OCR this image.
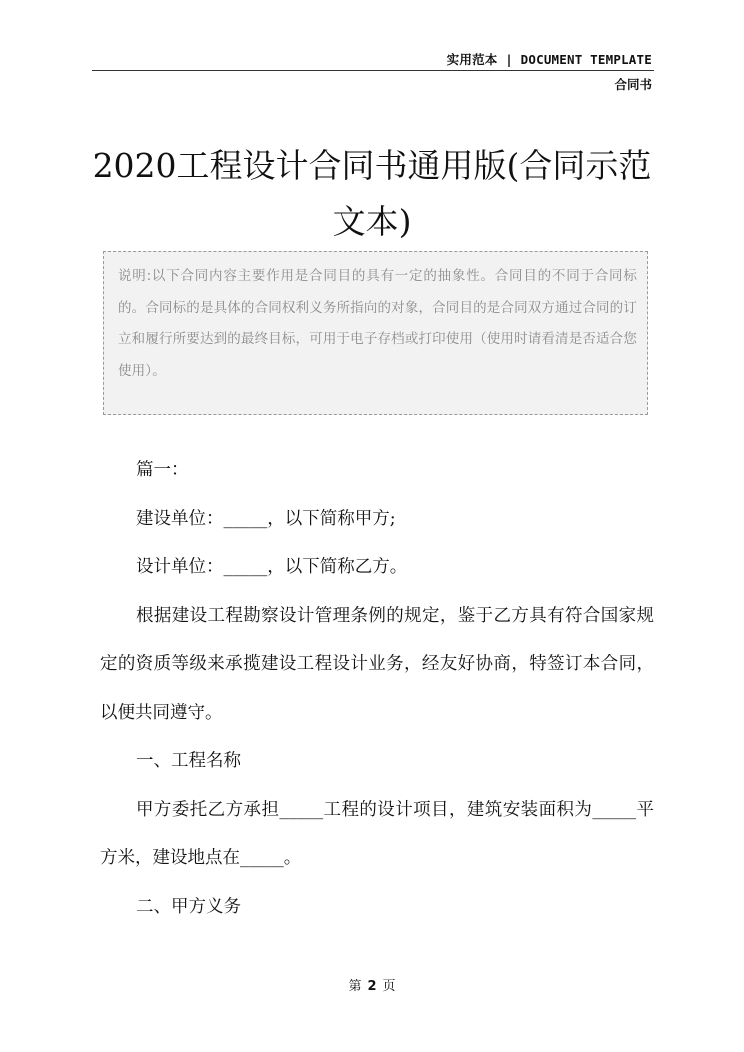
实用范本 | DOCUMENT TEMPLATE
合同书
2020工程设计合同书通用版(合同示范文本)
说明:以下合同内容主要作用是合同目的具有一定的抽象性。合同目的不同于合同标的。合同标的是具体的合同权利义务所指向的对象，合同目的是合同双方通过合同的订立和履行所要达到的最终目标，可用于电子存档或打印使用（使用时请看清是否适合您使用）。

篇一：

建设单位：_____，以下简称甲方;

设计单位：_____，以下简称乙方。

根据建设工程勘察设计管理条例的规定，鉴于乙方具有符合国家规定的资质等级来承揽建设工程设计业务，经友好协商，特签订本合同，以便共同遵守。

一、工程名称

甲方委托乙方承担_____工程的设计项目，建筑安装面积为_____平方米，建设地点在_____。

二、甲方义务

第 2 页
